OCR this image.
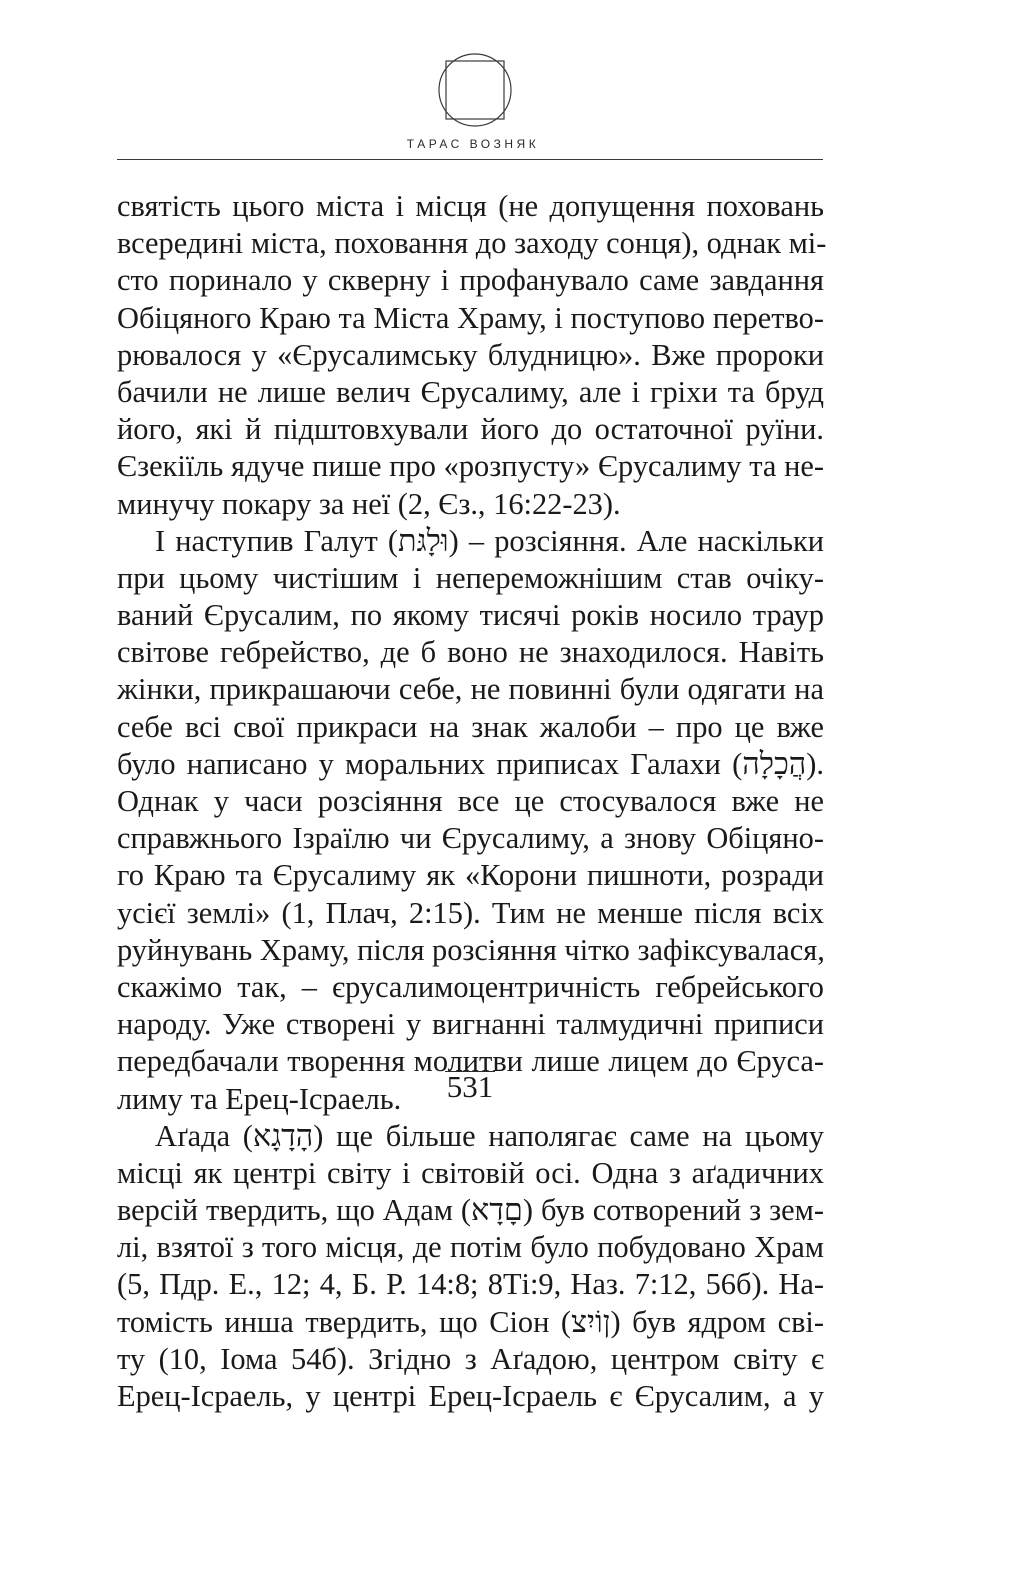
ТАРАС ВОЗНЯК
святість цього міста і місця (не допущення поховань
всередині міста, поховання до заходу сонця), однак мі-
сто поринало у скверну і профанувало саме завдання
Обіцяного Краю та Міста Храму, і поступово перетво-
рювалося у «Єрусалимську блудницю». Вже пророки
бачили не лише велич Єрусалиму, але і гріхи та бруд
його, які й підштовхували його до остаточної руїни.
Єзекіїль ядуче пише про «розпусту» Єрусалиму та не-
минучу покару за неї (2, Єз., 16:22-23).
І наступив Галут (וּלָגּת) – розсіяння. Але наскільки
при цьому чистішим і непереможнішим став очіку-
ваний Єрусалим, по якому тисячі років носило траур
світове гебрейство, де б воно не знаходилося. Навіть
жінки, прикрашаючи себе, не повинні були одягати на
себе всі свої прикраси на знак жалоби – про це вже
було написано у моральних приписах Галахи (הֲכָלָה).
Однак у часи розсіяння все це стосувалося вже не
справжнього Ізраїлю чи Єрусалиму, а знову Обіцяно-
го Краю та Єрусалиму як «Корони пишноти, розради
усієї землі» (1, Плач, 2:15). Тим не менше після всіх
руйнувань Храму, після розсіяння чітко зафіксувалася,
скажімо так, – єрусалимоцентричність гебрейського
народу. Уже створені у вигнанні талмудичні приписи
передбачали творення молитви лише лицем до Єруса-
лиму та Ерец-Ісраель.
Аґада (הָדָגָא) ще більше наполягає саме на цьому
місці як центрі світу і світовій осі. Одна з аґадичних
версій твердить, що Адам (םָדָא) був сотворений з зем-
лі, взятої з того місця, де потім було побудовано Храм
(5, Пдр. Е., 12; 4, Б. Р. 14:8; 8Ті:9, Наз. 7:12, 56б). На-
томість инша твердить, що Сіон (ןוֹיִצ) був ядром сві-
ту (10, Іома 54б). Згідно з Аґадою, центром світу є
Ерец-Ісраель, у центрі Ерец-Ісраель є Єрусалим, а у
531
